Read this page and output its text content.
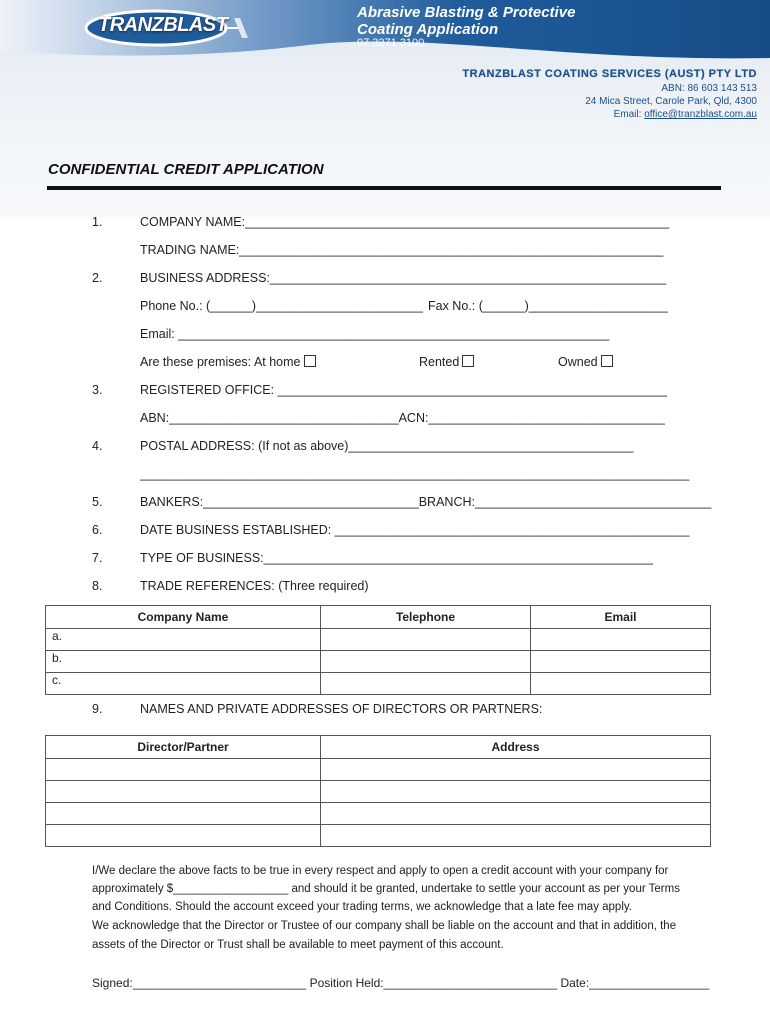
TRANZBLAST
Abrasive Blasting & Protective
Coating Application
07 3271 3100
TRANZBLAST COATING SERVICES (AUST) PTY LTD
ABN: 86 603 143 513
24 Mica Street, Carole Park, Qld, 4300
Email: office@tranzblast.com.au
CONFIDENTIAL CREDIT APPLICATION
1.	COMPANY NAME:_____________________________________________________________
TRADING NAME:_____________________________________________________________
2.	BUSINESS ADDRESS:_________________________________________________________
Phone No.: (______)________________________ Fax No.: (______)____________________
Email: ______________________________________________________________
Are these premises: At home	Rented	Owned
3.	REGISTERED OFFICE: ________________________________________________________
ABN:_________________________________ACN:__________________________________
4.	POSTAL ADDRESS: (If not as above)_________________________________________
_______________________________________________________________________________
5.	BANKERS:_______________________________BRANCH:__________________________________
6.	DATE BUSINESS ESTABLISHED: ___________________________________________________
7.	TYPE OF BUSINESS:________________________________________________________
8.	TRADE REFERENCES: (Three required)
Company Name	Telephone	Email
a.		
b.		
c.		
9.	NAMES AND PRIVATE ADDRESSES OF DIRECTORS OR PARTNERS:
Director/Partner	Address

I/We declare the above facts to be true in every respect and apply to open a credit account with your company for
approximately $__________________ and should it be granted, undertake to settle your account as per your Terms
and Conditions. Should the account exceed your trading terms, we acknowledge that a late fee may apply.
We acknowledge that the Director or Trustee of our company shall be liable on the account and that in addition, the
assets of the Director or Trust shall be available to meet payment of this account.
Signed:__________________________ Position Held:__________________________ Date:__________________
